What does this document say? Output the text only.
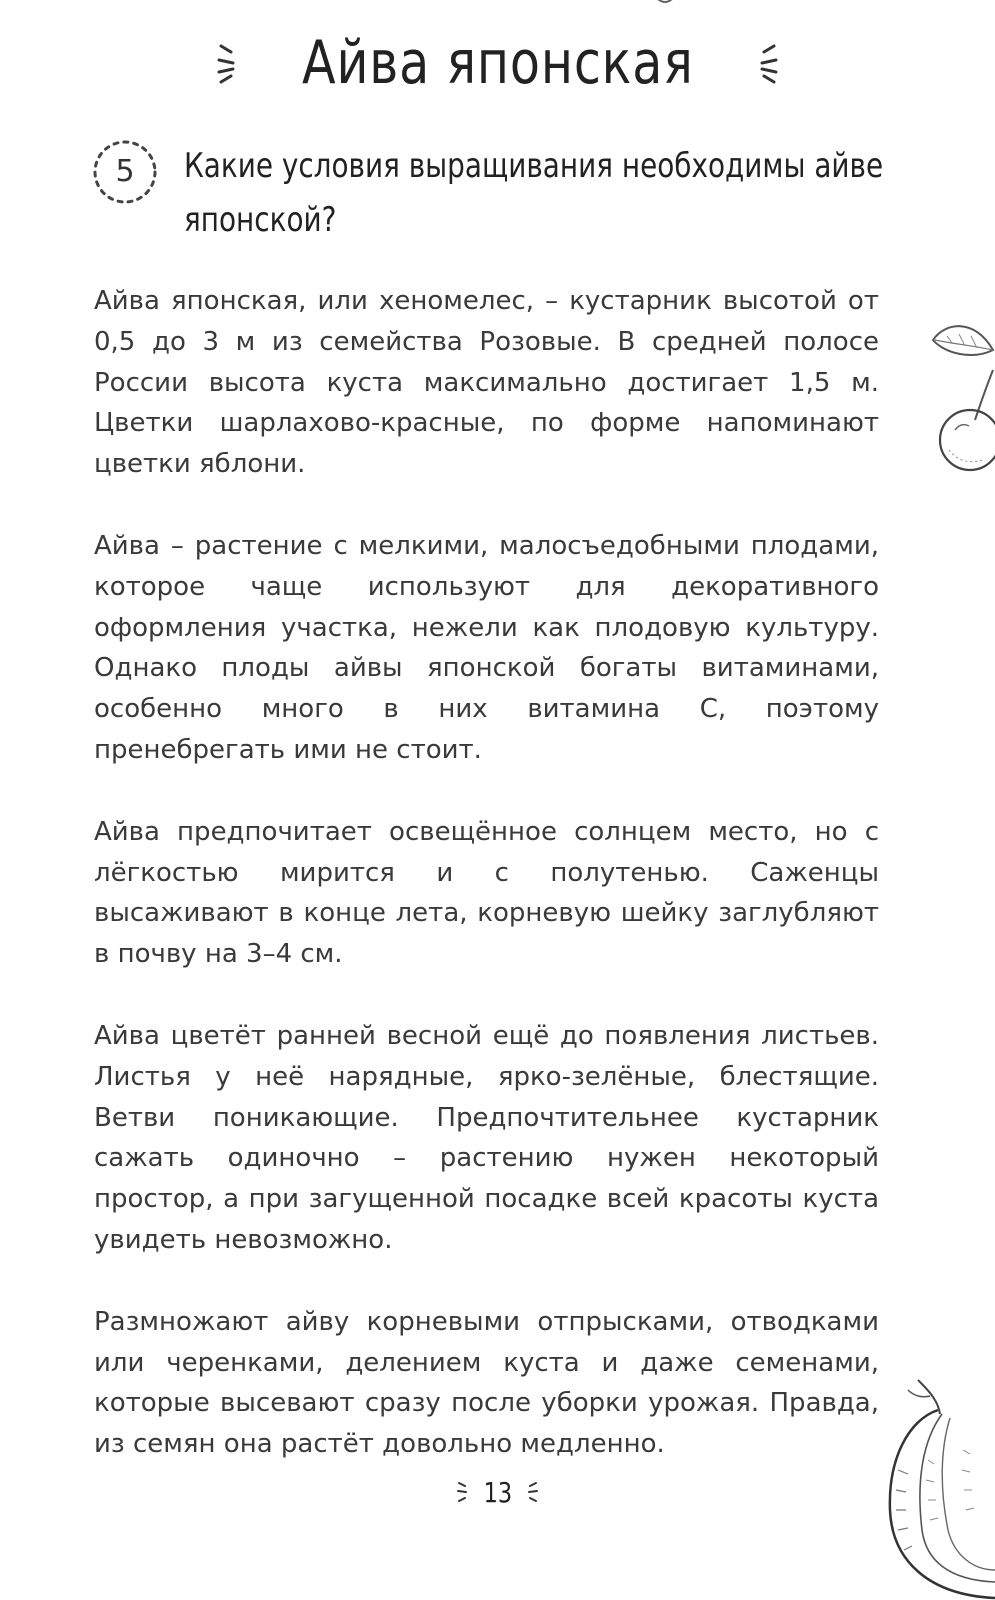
Айва японская
5	Какие условия выращивания необходимы айве японской?

Айва японская, или хеномелес, – кустарник высотой от 0,5 до 3 м из семейства Розовые. В средней полосе России высота куста максимально достигает 1,5 м. Цветки шарлахово-красные, по форме напоминают цветки яблони.

Айва – растение с мелкими, малосъедобными плодами, которое чаще используют для декоративного оформления участка, нежели как плодовую культуру. Однако плоды айвы японской богаты витаминами, особенно много в них витамина С, поэтому пренебрегать ими не стоит.

Айва предпочитает освещённое солнцем место, но с лёгкостью мирится и с полутенью. Саженцы высаживают в конце лета, корневую шейку заглубляют в почву на 3–4 см.

Айва цветёт ранней весной ещё до появления листьев. Листья у неё нарядные, ярко-зелёные, блестящие. Ветви поникающие. Предпочтительнее кустарник сажать одиночно – растению нужен некоторый простор, а при загущенной посадке всей красоты куста увидеть невозможно.

Размножают айву корневыми отпрысками, отводками или черенками, делением куста и даже семенами, которые высевают сразу после уборки урожая. Правда, из семян она растёт довольно медленно.

13
